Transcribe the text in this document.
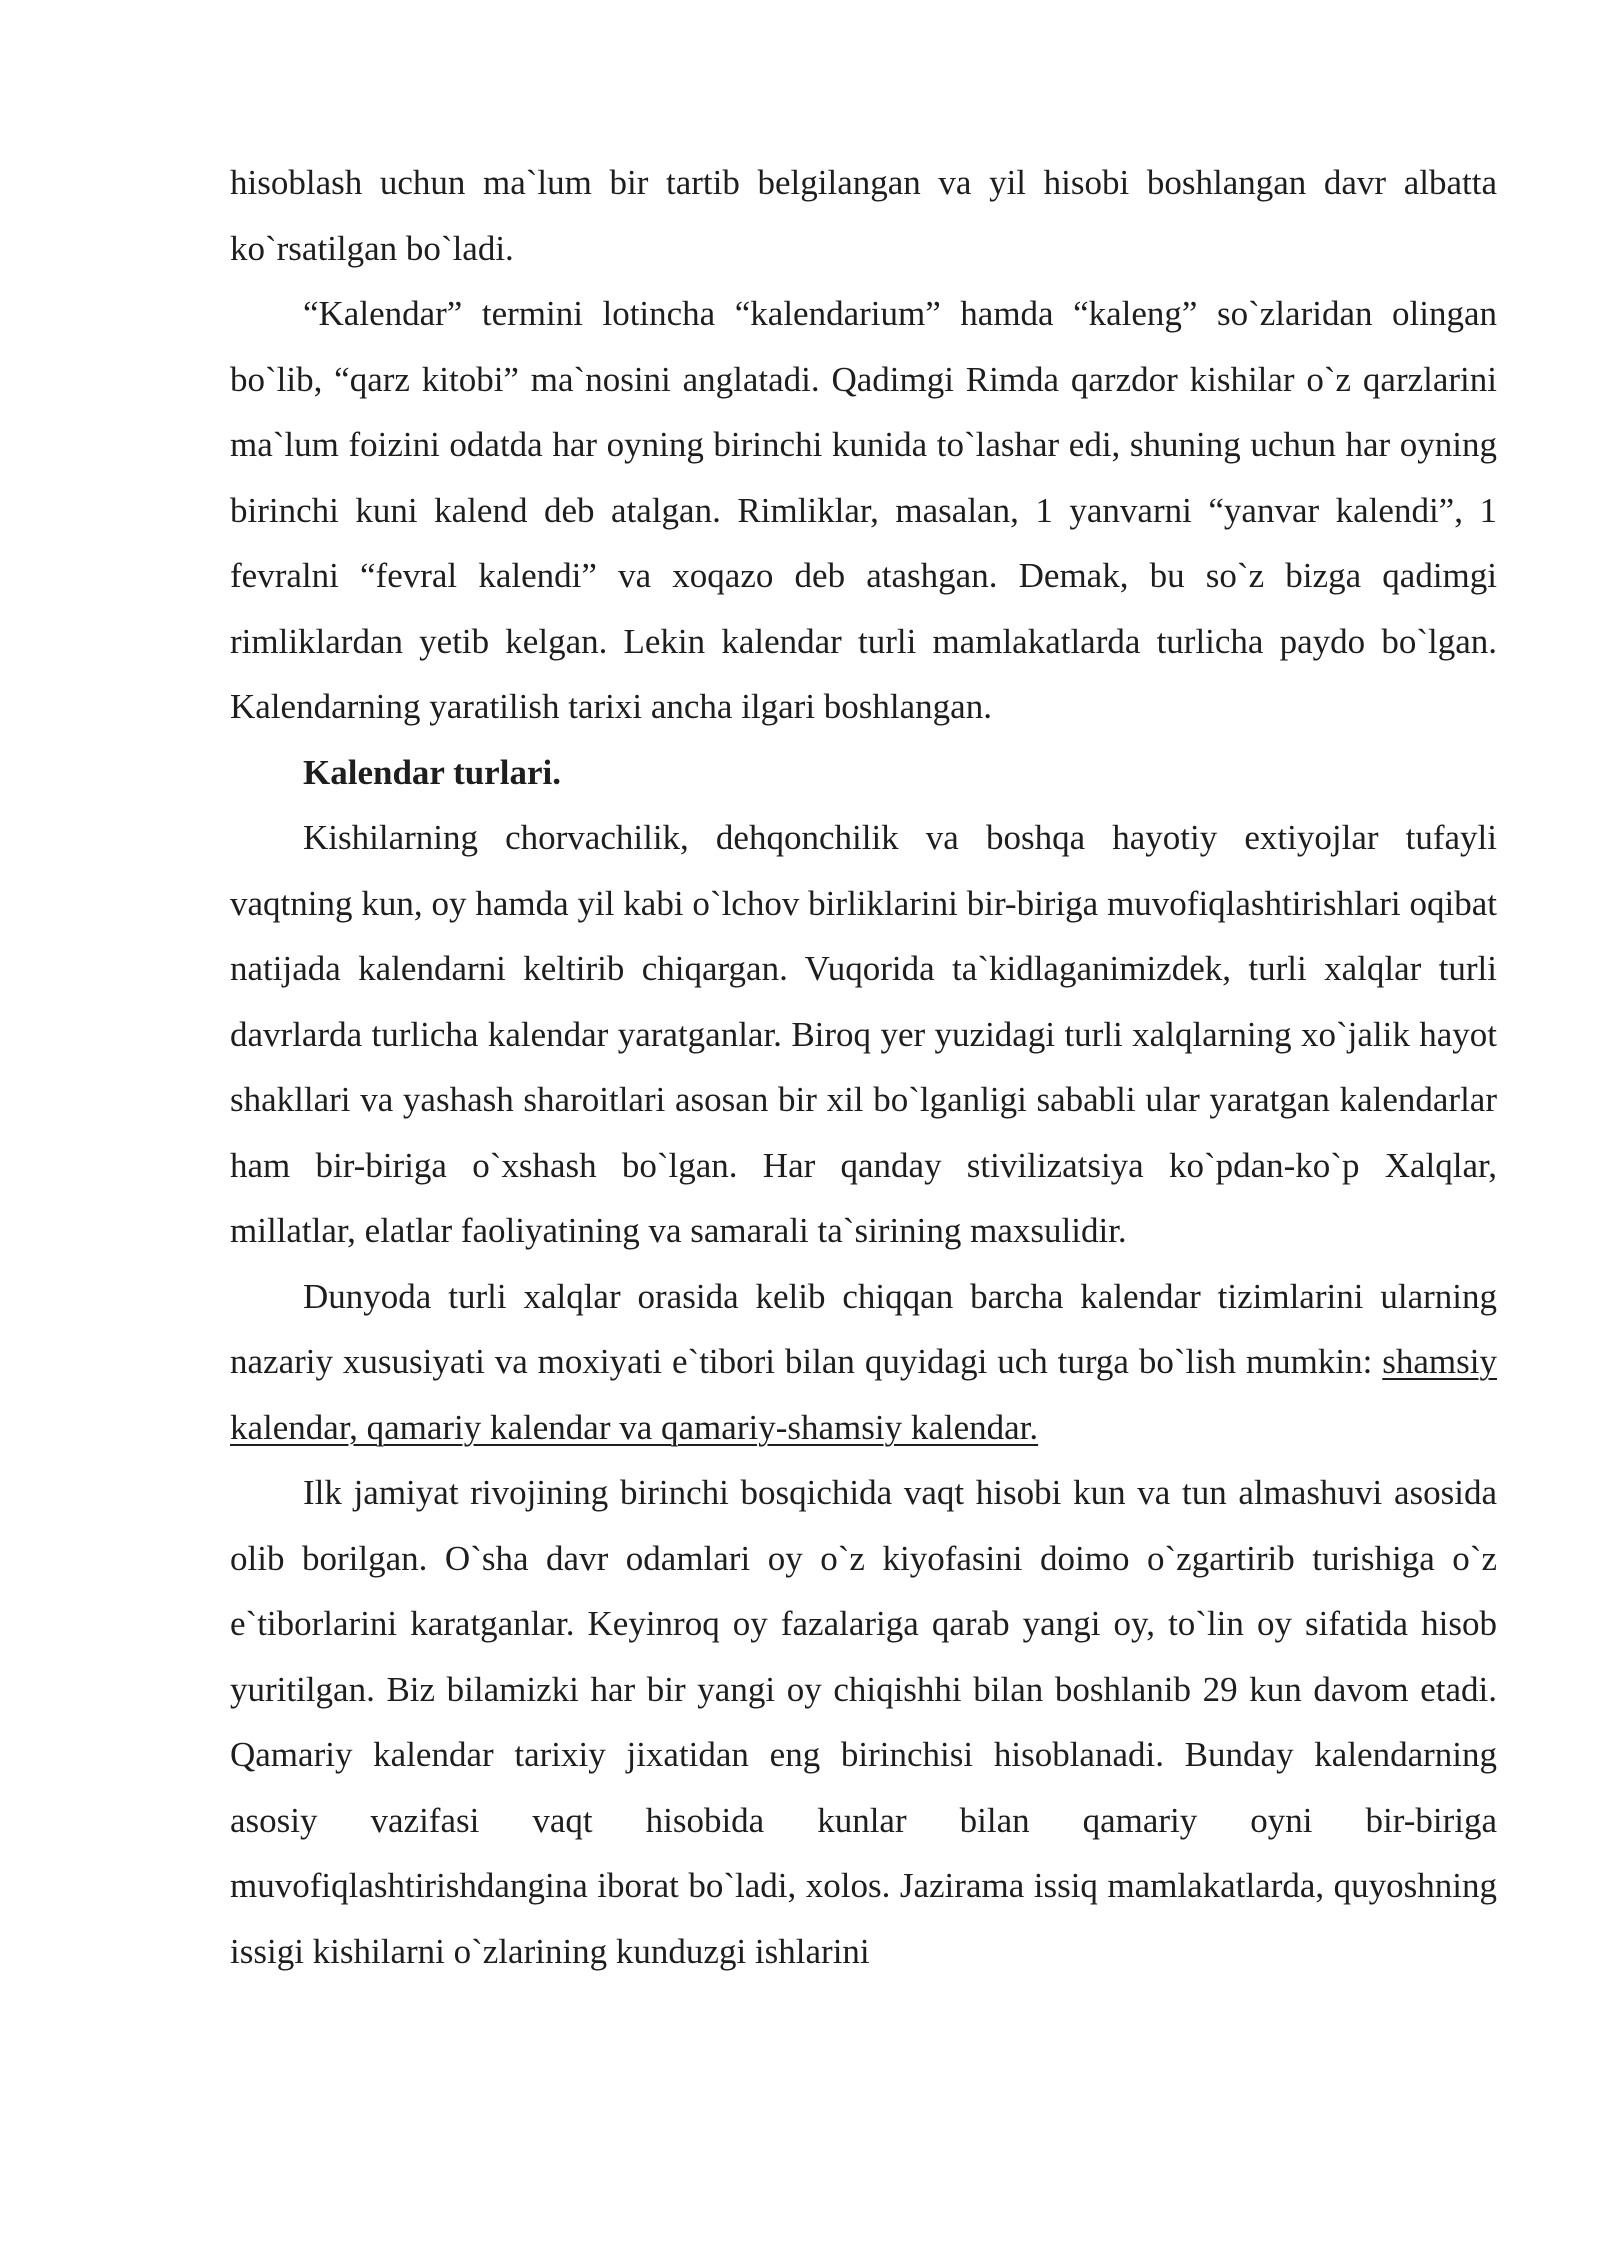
hisoblash uchun ma`lum bir tartib belgilangan va yil hisobi boshlangan davr albatta ko`rsatilgan bo`ladi.

“Kalendar” termini lotincha “kalendarium” hamda “kaleng” so`zlaridan olingan bo`lib, “qarz kitobi” ma`nosini anglatadi. Qadimgi Rimda qarzdor kishilar o`z qarzlarini ma`lum foizini odatda har oyning birinchi kunida to`lashar edi, shuning uchun har oyning birinchi kuni kalend deb atalgan. Rimliklar, masalan, 1 yanvarni “yanvar kalendi”, 1 fevralni “fevral kalendi” va xoqazo deb atashgan. Demak, bu so`z bizga qadimgi rimliklardan yetib kelgan. Lekin kalendar turli mamlakatlarda turlicha paydo bo`lgan. Kalendarning yaratilish tarixi ancha ilgari boshlangan.

Kalendar turlari.

Kishilarning chorvachilik, dehqonchilik va boshqa hayotiy extiyojlar tufayli vaqtning kun, oy hamda yil kabi o`lchov birliklarini bir-biriga muvofiqlashtirishlari oqibat natijada kalendarni keltirib chiqargan. Vuqorida ta`kidlaganimizdek, turli xalqlar turli davrlarda turlicha kalendar yaratganlar. Biroq yer yuzidagi turli xalqlarning xo`jalik hayot shakllari va yashash sharoitlari asosan bir xil bo`lganligi sababli ular yaratgan kalendarlar ham bir-biriga o`xshash bo`lgan. Har qanday stivilizatsiya ko`pdan-ko`p Xalqlar, millatlar, elatlar faoliyatining va samarali ta`sirining maxsulidir.

Dunyoda turli xalqlar orasida kelib chiqqan barcha kalendar tizimlarini ularning nazariy xususiyati va moxiyati e`tibori bilan quyidagi uch turga bo`lish mumkin: shamsiy kalendar, qamariy kalendar va qamariy-shamsiy kalendar.

Ilk jamiyat rivojining birinchi bosqichida vaqt hisobi kun va tun almashuvi asosida olib borilgan. O`sha davr odamlari oy o`z kiyofasini doimo o`zgartirib turishiga o`z e`tiborlarini karatganlar. Keyinroq oy fazalariga qarab yangi oy, to`lin oy sifatida hisob yuritilgan. Biz bilamizki har bir yangi oy chiqishhi bilan boshlanib 29 kun davom etadi. Qamariy kalendar tarixiy jixatidan eng birinchisi hisoblanadi. Bunday kalendarning asosiy vazifasi vaqt hisobida kunlar bilan qamariy oyni bir-biriga muvofiqlashtirishdangina iborat bo`ladi, xolos. Jazirama issiq mamlakatlarda, quyoshning issigi kishilarni o`zlarining kunduzgi ishlarini
